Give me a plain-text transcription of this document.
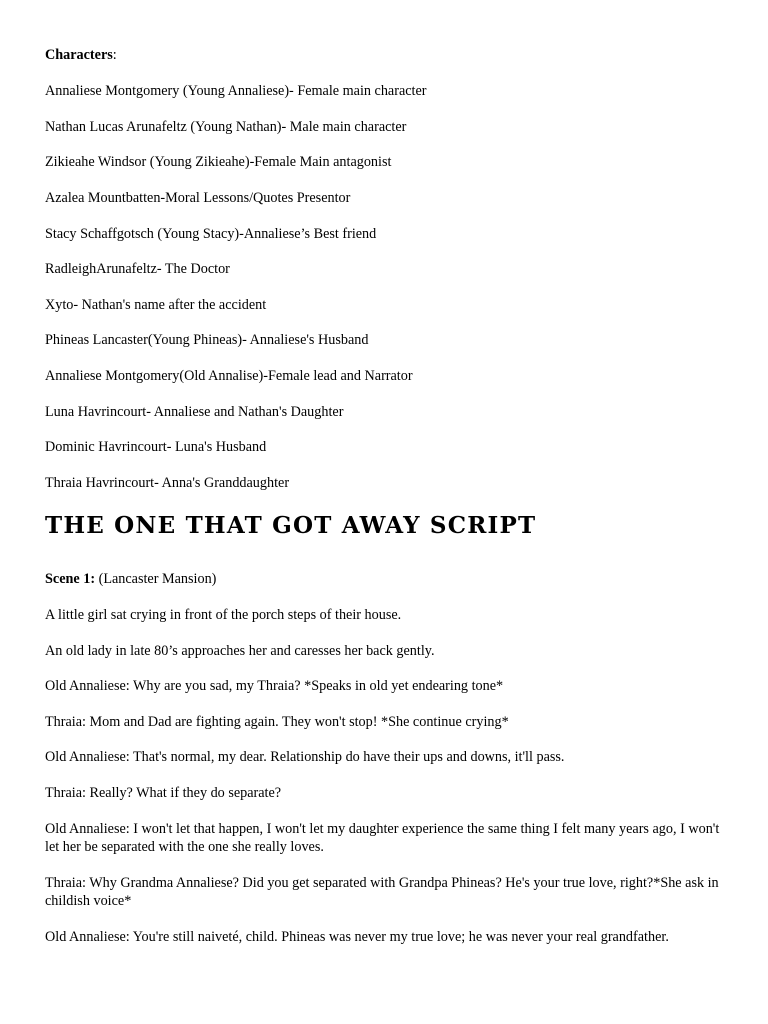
Characters:
Annaliese Montgomery (Young Annaliese)- Female main character
Nathan Lucas Arunafeltz (Young Nathan)- Male main character
Zikieahe Windsor (Young Zikieahe)-Female Main antagonist
Azalea Mountbatten-Moral Lessons/Quotes Presentor
Stacy Schaffgotsch (Young Stacy)-Annaliese’s Best friend
RadleighArunafeltz- The Doctor
Xyto- Nathan's name after the accident
Phineas Lancaster(Young Phineas)- Annaliese's Husband
Annaliese Montgomery(Old Annalise)-Female lead and Narrator
Luna Havrincourt- Annaliese and Nathan's Daughter
Dominic Havrincourt- Luna's Husband
Thraia Havrincourt- Anna's Granddaughter
THE ONE THAT GOT AWAY SCRIPT
Scene 1: (Lancaster Mansion)
A little girl sat crying in front of the porch steps of their house.
An old lady in late 80’s approaches her and caresses her back gently.
Old Annaliese: Why are you sad, my Thraia? *Speaks in old yet endearing tone*
Thraia: Mom and Dad are fighting again. They won't stop! *She continue crying*
Old Annaliese: That's normal, my dear. Relationship do have their ups and downs, it'll pass.
Thraia: Really? What if they do separate?
Old Annaliese: I won't let that happen, I won't let my daughter experience the same thing I felt many years ago, I won't let her be separated with the one she really loves.
Thraia: Why Grandma Annaliese? Did you get separated with Grandpa Phineas? He's your true love, right?*She ask in childish voice*
Old Annaliese: You're still naiveté, child. Phineas was never my true love; he was never your real grandfather.
